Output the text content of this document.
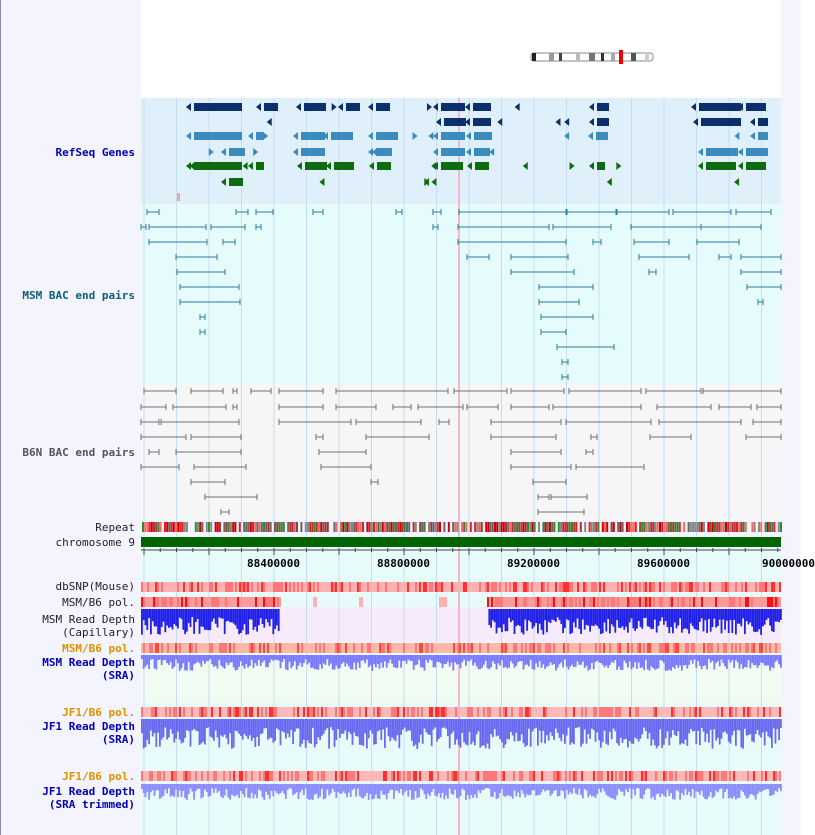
RefSeq Genes
MSM BAC end pairs
B6N BAC end pairs
Repeat
chromosome 9
dbSNP(Mouse)
MSM/B6 pol.
MSM Read Depth
(Capillary)
MSM/B6 pol.
MSM Read Depth
(SRA)
JF1/B6 pol.
JF1 Read Depth
(SRA)
JF1/B6 pol.
JF1 Read Depth
(SRA trimmed)
88400000	88800000	89200000	89600000	90000000
